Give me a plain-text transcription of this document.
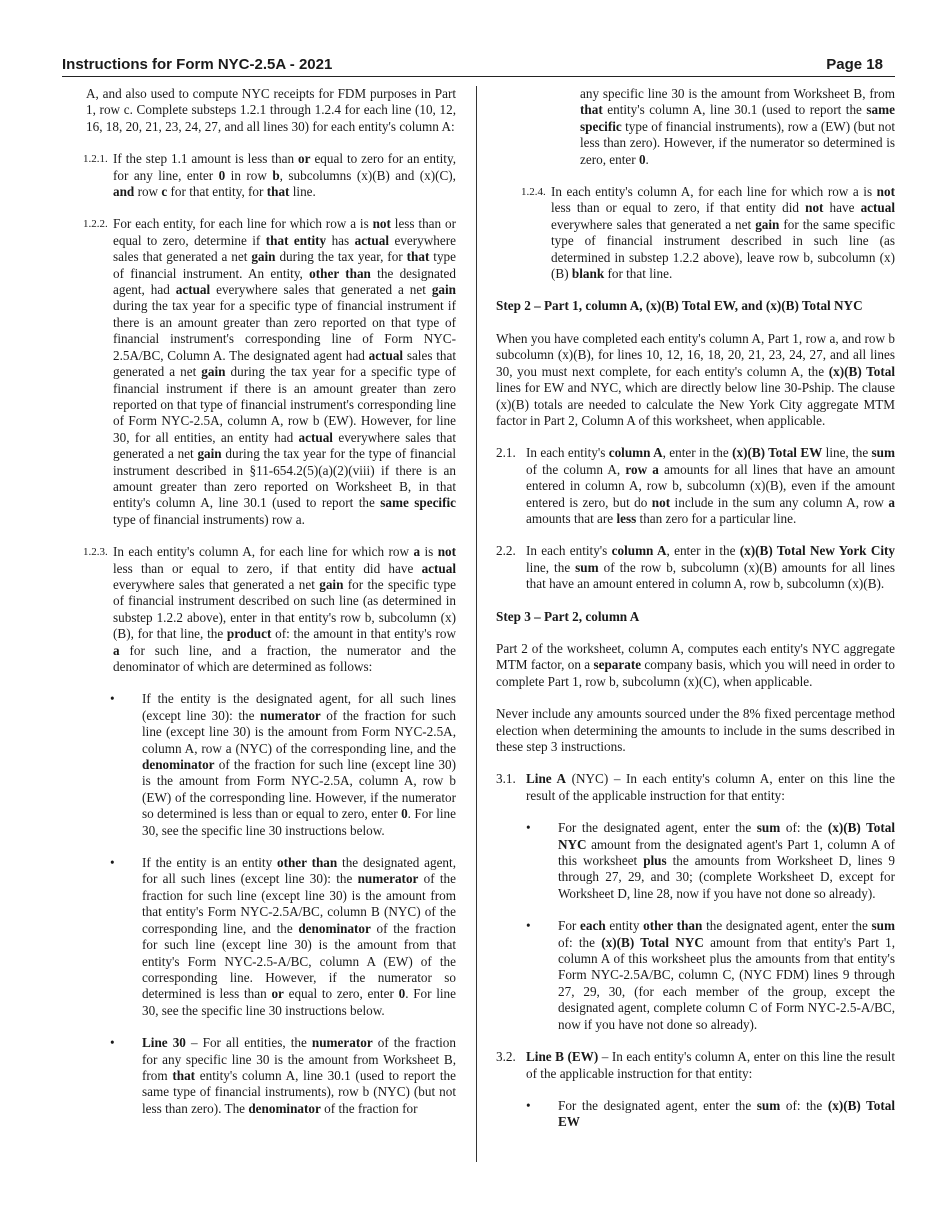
Instructions for Form NYC-2.5A - 2021	Page 18

A, and also used to compute NYC receipts for FDM purposes in Part 1, row c. Complete substeps 1.2.1 through 1.2.4 for each line (10, 12, 16, 18, 20, 21, 23, 24, 27, and all lines 30) for each entity's column A:

1.2.1. If the step 1.1 amount is less than or equal to zero for an entity, for any line, enter 0 in row b, subcolumns (x)(B) and (x)(C), and row c for that entity, for that line.

1.2.2. For each entity, for each line for which row a is not less than or equal to zero, determine if that entity has actual everywhere sales that generated a net gain during the tax year, for that type of financial instrument. An entity, other than the designated agent, had actual everywhere sales that generated a net gain during the tax year for a specific type of financial instrument if there is an amount greater than zero reported on that type of financial instrument's corresponding line of Form NYC-2.5A/BC, Column A. The designated agent had actual sales that generated a net gain during the tax year for a specific type of financial instrument if there is an amount greater than zero reported on that type of financial instrument's corresponding line of Form NYC-2.5A, column A, row b (EW). However, for line 30, for all entities, an entity had actual everywhere sales that generated a net gain during the tax year for the type of financial instrument described in §11-654.2(5)(a)(2)(viii) if there is an amount greater than zero reported on Worksheet B, in that entity's column A, line 30.1 (used to report the same specific type of financial instruments) row a.

1.2.3. In each entity's column A, for each line for which row a is not less than or equal to zero, if that entity did have actual everywhere sales that generated a net gain for the specific type of financial instrument described on such line (as determined in substep 1.2.2 above), enter in that entity's row b, subcolumn (x)(B), for that line, the product of: the amount in that entity's row a for such line, and a fraction, the numerator and the denominator of which are determined as follows:

• If the entity is the designated agent, for all such lines (except line 30): the numerator of the fraction for such line (except line 30) is the amount from Form NYC-2.5A, column A, row a (NYC) of the corresponding line, and the denominator of the fraction for such line (except line 30) is the amount from Form NYC-2.5A, column A, row b (EW) of the corresponding line. However, if the numerator so determined is less than or equal to zero, enter 0. For line 30, see the specific line 30 instructions below.

• If the entity is an entity other than the designated agent, for all such lines (except line 30): the numerator of the fraction for such line (except line 30) is the amount from that entity's Form NYC-2.5A/BC, column B (NYC) of the corresponding line, and the denominator of the fraction for such line (except line 30) is the amount from that entity's Form NYC-2.5-A/BC, column A (EW) of the corresponding line. However, if the numerator so determined is less than or equal to zero, enter 0. For line 30, see the specific line 30 instructions below.

• Line 30 – For all entities, the numerator of the fraction for any specific line 30 is the amount from Worksheet B, from that entity's column A, line 30.1 (used to report the same type of financial instruments), row b (NYC) (but not less than zero). The denominator of the fraction for

any specific line 30 is the amount from Worksheet B, from that entity's column A, line 30.1 (used to report the same specific type of financial instruments), row a (EW) (but not less than zero). However, if the numerator so determined is zero, enter 0.

1.2.4. In each entity's column A, for each line for which row a is not less than or equal to zero, if that entity did not have actual everywhere sales that generated a net gain for the same specific type of financial instrument described in such line (as determined in substep 1.2.2 above), leave row b, subcolumn (x)(B) blank for that line.

Step 2 – Part 1, column A, (x)(B) Total EW, and (x)(B) Total NYC

When you have completed each entity's column A, Part 1, row a, and row b subcolumn (x)(B), for lines 10, 12, 16, 18, 20, 21, 23, 24, 27, and all lines 30, you must next complete, for each entity's column A, the (x)(B) Total lines for EW and NYC, which are directly below line 30-Pship. The clause (x)(B) totals are needed to calculate the New York City aggregate MTM factor in Part 2, Column A of this worksheet, when applicable.

2.1. In each entity's column A, enter in the (x)(B) Total EW line, the sum of the column A, row a amounts for all lines that have an amount entered in column A, row b, subcolumn (x)(B), even if the amount entered is zero, but do not include in the sum any column A, row a amounts that are less than zero for a particular line.

2.2. In each entity's column A, enter in the (x)(B) Total New York City line, the sum of the row b, subcolumn (x)(B) amounts for all lines that have an amount entered in column A, row b, subcolumn (x)(B).

Step 3 – Part 2, column A

Part 2 of the worksheet, column A, computes each entity's NYC aggregate MTM factor, on a separate company basis, which you will need in order to complete Part 1, row b, subcolumn (x)(C), when applicable.

Never include any amounts sourced under the 8% fixed percentage method election when determining the amounts to include in the sums described in these step 3 instructions.

3.1. Line A (NYC) – In each entity's column A, enter on this line the result of the applicable instruction for that entity:

• For the designated agent, enter the sum of: the (x)(B) Total NYC amount from the designated agent's Part 1, column A of this worksheet plus the amounts from Worksheet D, lines 9 through 27, 29, and 30; (complete Worksheet D, except for Worksheet D, line 28, now if you have not done so already).

• For each entity other than the designated agent, enter the sum of: the (x)(B) Total NYC amount from that entity's Part 1, column A of this worksheet plus the amounts from that entity's Form NYC-2.5A/BC, column C, (NYC FDM) lines 9 through 27, 29, 30, (for each member of the group, except the designated agent, complete column C of Form NYC-2.5-A/BC, now if you have not done so already).

3.2. Line B (EW) – In each entity's column A, enter on this line the result of the applicable instruction for that entity:

• For the designated agent, enter the sum of: the (x)(B) Total EW
